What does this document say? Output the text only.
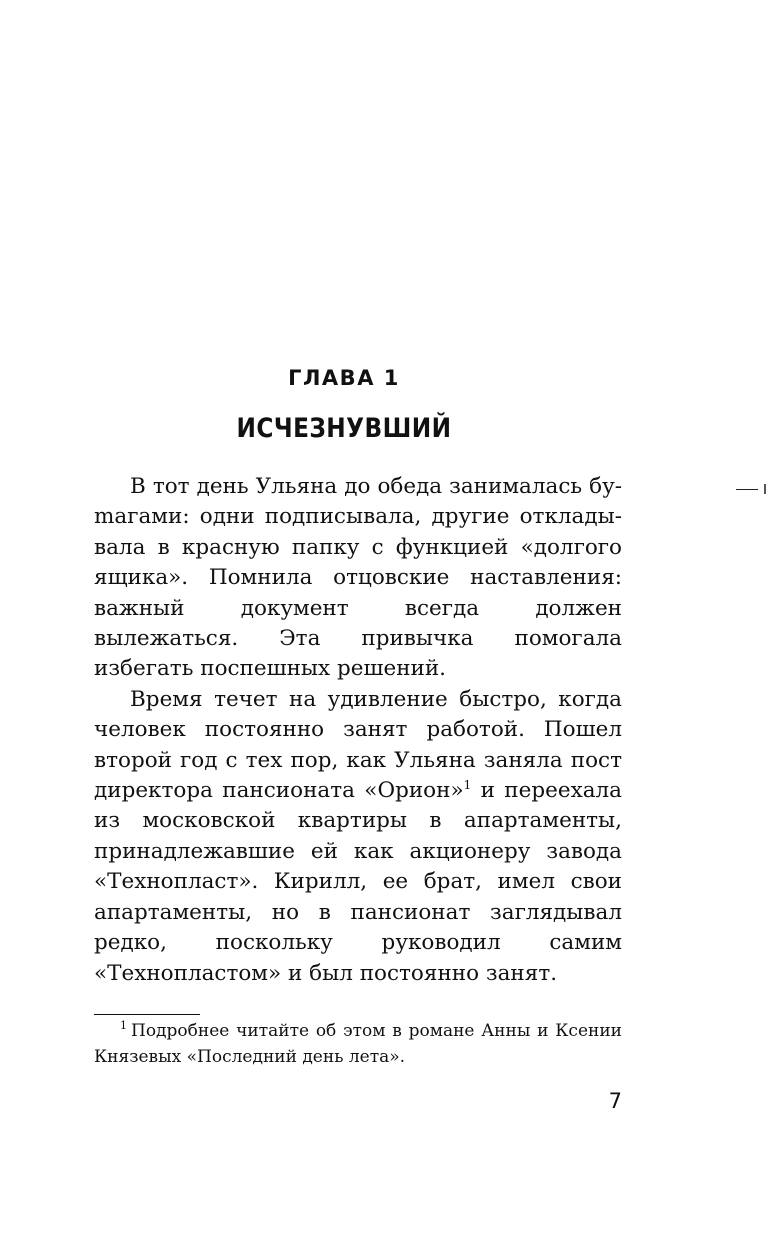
ГЛАВА 1
ИСЧЕЗНУВШИЙ

В тот день Ульяна до обеда занималась буmагами: одни подписывала, другие откладывала в красную папку с функцией «долгого ящика». Помнила отцовские наставления: важный документ всегда должен вылежаться. Эта привычка помогала избегать поспешных решений.

Время течет на удивление быстро, когда человек постоянно занят работой. Пошел второй год с тех пор, как Ульяна заняла пост директора пансионата «Орион»$^1$ и переехала из московской квартиры в апартаменты, принадлежавшие ей как акционеру завода «Технопласт». Кирилл, ее брат, имел свои апартаменты, но в пансионат заглядывал редко, поскольку руководил самим «Технопластом» и был постоянно занят.

$^1$ Подробнее читайте об этом в романе Анны и Ксении Князевых «Последний день лета».

7
